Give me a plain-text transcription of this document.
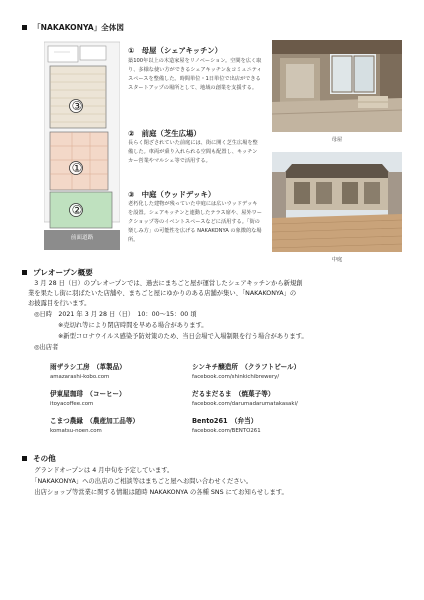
「NAKAKONYA」全体図
③
①
②
前面道路
①　母屋（シェアキッチン）
築100年以上の木造家屋をリノベーション。空間を広く取り、多様な使い方ができるシェアキッチン＆コミュニティスペースを整備した。時間単位・1日単位で出店ができるスタートアップの場所として、地域の創業を支援する。
②　前庭（芝生広場）
長らく閉ざされていた前庭には、街に開く芝生広場を整備した。車両が乗り入れられる空間も配置し、キッチンカー営業やマルシェ等で活用する。
③　中庭（ウッドデッキ）
老朽化した建物が残っていた中庭には広いウッドデッキを設置。シェアキッチンと連動したテラス席や、屋外ワークショップ等のイベントスペースなどに活用する。「街の楽しみ方」の可能性を広げる NAKAKONYA の象徴的な場所。
母屋
中庭
プレオープン概要
　3 月 28 日（日）のプレオープンでは、過去にまちごと屋が運営したシェアキッチンから新規創
業を果たし街に羽ばたいた店舗や、まちごと屋にゆかりのある店舗が集い、「NAKAKONYA」の
お披露目を行います。
◎日時　2021 年 3 月 28 日（日）　10：00～15：00 頃
※売切れ等により閉店時間を早める場合があります。
※新型コロナウイルス感染予防対策のため、当日会場で入場制限を行う場合があります。
◎出店者
雨ザラシ工房　（革製品）
amazarashi-kobo.com
シンキチ醸造所　（クラフトビール）
facebook.com/shinkichibrewery/
伊東屋珈琲　（コーヒー）
itoyacoffee.com
だるまだるま　（焼菓子等）
facebook.com/darumadarumatakasaki/
こまつ農縁　（農産加工品等）
komatsu-noen.com
Bento261　（弁当）
facebook.com/BENTO261
その他
　グランドオープンは 4 月中旬を予定しています。
　「NAKAKONYA」への出店のご相談等はまちごと屋へお問い合わせください。
　出店ショップ等営業に関する情報は随時 NAKAKONYA の各種 SNS にてお知らせします。
